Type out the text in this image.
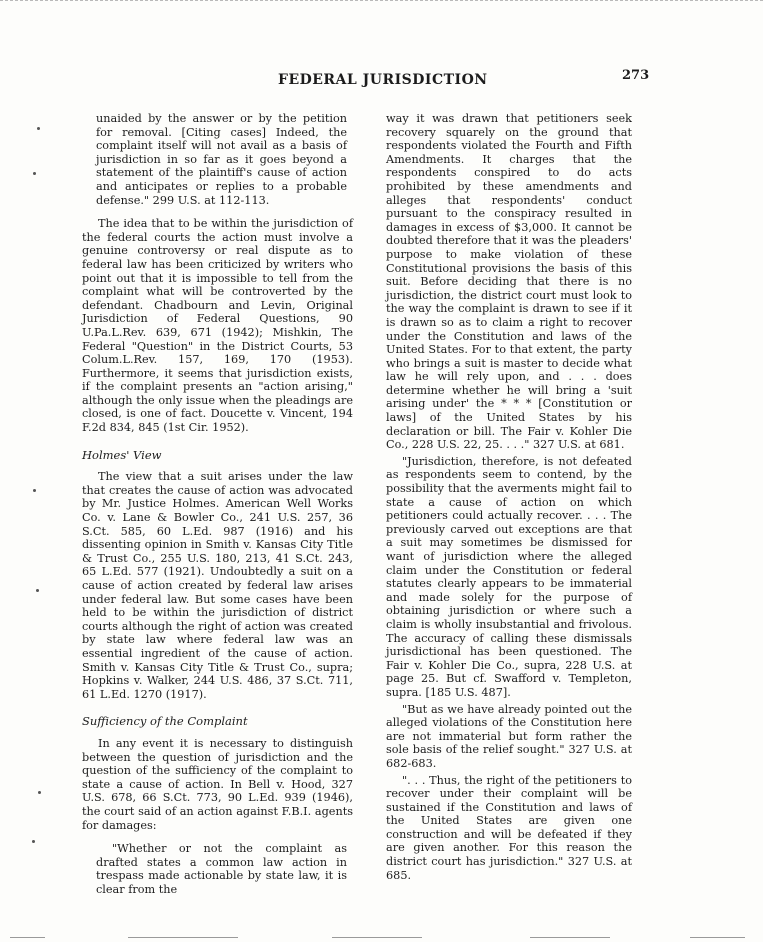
FEDERAL JURISDICTION	273

unaided by the answer or by the petition for removal. [Citing cases] Indeed, the complaint itself will not avail as a basis of jurisdiction in so far as it goes beyond a statement of the plaintiff's cause of action and anticipates or replies to a probable defense." 299 U.S. at 112-113.

The idea that to be within the jurisdiction of the federal courts the action must involve a genuine controversy or real dispute as to federal law has been criticized by writers who point out that it is impossible to tell from the complaint what will be controverted by the defendant. Chadbourn and Levin, Original Jurisdiction of Federal Questions, 90 U.Pa.L.Rev. 639, 671 (1942); Mishkin, The Federal "Question" in the District Courts, 53 Colum.L.Rev. 157, 169, 170 (1953). Furthermore, it seems that jurisdiction exists, if the complaint presents an "action arising," although the only issue when the pleadings are closed, is one of fact. Doucette v. Vincent, 194 F.2d 834, 845 (1st Cir. 1952).

Holmes' View

The view that a suit arises under the law that creates the cause of action was advocated by Mr. Justice Holmes. American Well Works Co. v. Lane & Bowler Co., 241 U.S. 257, 36 S.Ct. 585, 60 L.Ed. 987 (1916) and his dissenting opinion in Smith v. Kansas City Title & Trust Co., 255 U.S. 180, 213, 41 S.Ct. 243, 65 L.Ed. 577 (1921). Undoubtedly a suit on a cause of action created by federal law arises under federal law. But some cases have been held to be within the jurisdiction of district courts although the right of action was created by state law where federal law was an essential ingredient of the cause of action. Smith v. Kansas City Title & Trust Co., supra; Hopkins v. Walker, 244 U.S. 486, 37 S.Ct. 711, 61 L.Ed. 1270 (1917).

Sufficiency of the Complaint

In any event it is necessary to distinguish between the question of jurisdiction and the question of the sufficiency of the complaint to state a cause of action. In Bell v. Hood, 327 U.S. 678, 66 S.Ct. 773, 90 L.Ed. 939 (1946), the court said of an action against F.B.I. agents for damages:

"Whether or not the complaint as drafted states a common law action in trespass made actionable by state law, it is clear from the

way it was drawn that petitioners seek recovery squarely on the ground that respondents violated the Fourth and Fifth Amendments. It charges that the respondents conspired to do acts prohibited by these amendments and alleges that respondents' conduct pursuant to the conspiracy resulted in damages in excess of $3,000. It cannot be doubted therefore that it was the pleaders' purpose to make violation of these Constitutional provisions the basis of this suit. Before deciding that there is no jurisdiction, the district court must look to the way the complaint is drawn to see if it is drawn so as to claim a right to recover under the Constitution and laws of the United States. For to that extent, the party who brings a suit is master to decide what law he will rely upon, and . . . does determine whether he will bring a 'suit arising under' the * * * [Constitution or laws] of the United States by his declaration or bill. The Fair v. Kohler Die Co., 228 U.S. 22, 25. . . ." 327 U.S. at 681.

"Jurisdiction, therefore, is not defeated as respondents seem to contend, by the possibility that the averments might fail to state a cause of action on which petitioners could actually recover. . . . The previously carved out exceptions are that a suit may sometimes be dismissed for want of jurisdiction where the alleged claim under the Constitution or federal statutes clearly appears to be immaterial and made solely for the purpose of obtaining jurisdiction or where such a claim is wholly insubstantial and frivolous. The accuracy of calling these dismissals jurisdictional has been questioned. The Fair v. Kohler Die Co., supra, 228 U.S. at page 25. But cf. Swafford v. Templeton, supra. [185 U.S. 487].

"But as we have already pointed out the alleged violations of the Constitution here are not immaterial but form rather the sole basis of the relief sought." 327 U.S. at 682-683.

". . . Thus, the right of the petitioners to recover under their complaint will be sustained if the Constitution and laws of the United States are given one construction and will be defeated if they are given another. For this reason the district court has jurisdiction." 327 U.S. at 685.
